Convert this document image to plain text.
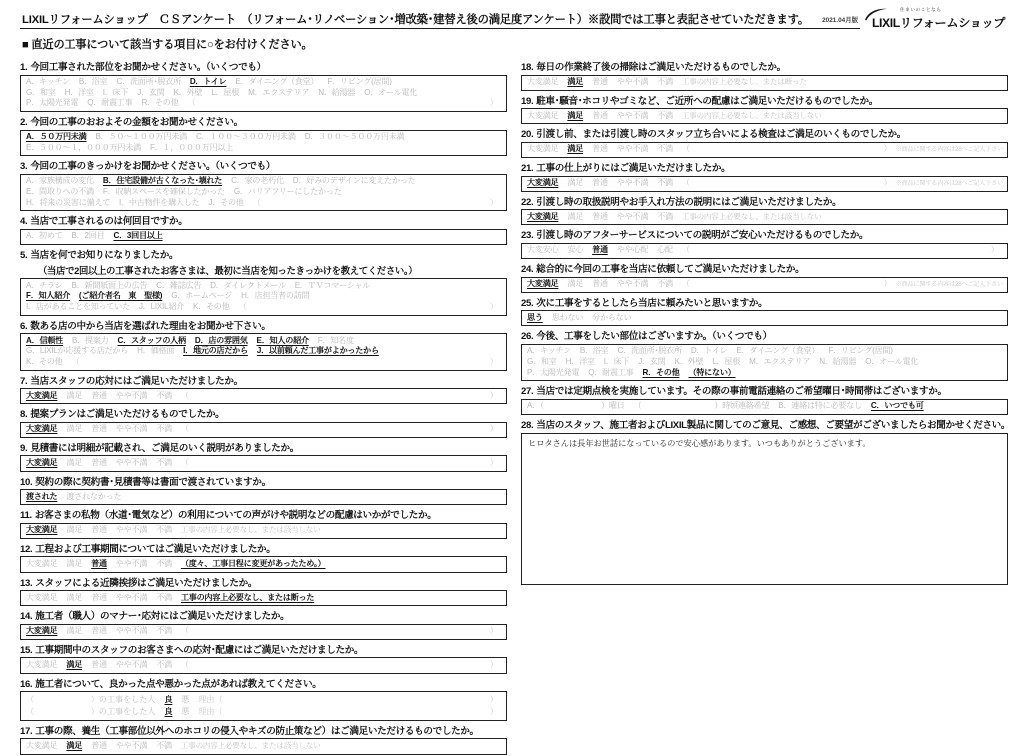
LIXILリフォームショップ　ＣＳアンケート　（リフォーム･リノベーション･増改築･建替え後の満足度アンケート）※設問では工事と表記させていただきます。 2021.04月版
住まいのことなら
LIXILリフォームショップ
■ 直近の工事について該当する項目に○をお付けください。
1. 今回工事された部位をお聞かせください。（いくつでも）
A．キッチン B．浴室 C．洗面所･脱衣所 D．トイレ E．ダイニング（食堂） F．リビング(居間)
G．和室 H．洋室 I．床下 J．玄関 K．外壁 L．屋根 M．エクステリア N．給湯器 O．オール電化
P．太陽光発電 Q．耐震工事 R．その他 （	）
2. 今回の工事のおおよその金額をお聞かせください。
A．５０万円未満 B．５０～１００万円未満 C．１００～３００万円未満 D．３００～５００万円未満
E．５００～１，０００万円未満 F．１，０００万円以上
3. 今回の工事のきっかけをお聞かせください。（いくつでも）
A．家族構成の変化 B．住宅設備が古くなった･壊れた C．家の老朽化 D．好みのデザインに変えたかった
E．間取りへの不満 F．収納スペースを確保したかった G．バリアフリーにしたかった
H．将来の災害に備えて I．中古物件を購入した J．その他 （	）
4. 当店で工事されるのは何回目ですか。
A．初めて B．2回目 C．3回目以上
5. 当店を何でお知りになりましたか。
（当店で2回以上の工事されたお客さまは、最初に当店を知ったきっかけを教えてください。）
A．チラシ B．新聞紙面上の広告 C．雑誌広告 D．ダイレクトメール E．ＴＶコマーシャル
F．知人紹介 (ご紹介者名　東　聖様) G．ホームページ H．店担当者の訪問
I．店があることを知っていた J．LIXIL紹介 K．その他 （	）
6. 数ある店の中から当店を選ばれた理由をお聞かせ下さい。
A．信頼性 B．提案力 C．スタッフの人柄 D．店の雰囲気 E．知人の紹介 F．知名度
G．LIXILが応援する店だから H．価格面 I．地元の店だから J．以前頼んだ工事がよかったから
K．その他 （	）
7. 当店スタッフの応対にはご満足いただけましたか。
大変満足 満足 普通 やや不満 不満 （	）
8. 提案プランはご満足いただけるものでしたか。
大変満足 満足 普通 やや不満 不満 （	）
9. 見積書には明細が記載され、ご満足のいく説明がありましたか。
大変満足 満足 普通 やや不満 不満 （	）
10. 契約の際に契約書･見積書等は書面で渡されていますか。
渡された 渡されなかった
11. お客さまの私物（水道･電気など）の利用についての声がけや説明などの配慮はいかがでしたか。
大変満足 満足 普通 やや不満 不満 工事の内容上必要なし、または該当しない
12. 工程および工事期間についてはご満足いただけましたか。
大変満足 満足 普通 やや不満 不満 （度々、工事日程に変更があったため。）
13. スタッフによる近隣挨拶はご満足いただけましたか。
大変満足 満足 普通 やや不満 不満 工事の内容上必要なし、または断った
14. 施工者（職人）のマナー･応対にはご満足いただけましたか。
大変満足 満足 普通 やや不満 不満 （	）
15. 工事期間中のスタッフのお客さまへの応対･配慮にはご満足いただけましたか。
大変満足 満足 普通 やや不満 不満 （	）
16. 施工者について、良かった点や悪かった点があれば教えてください。
（　　　　　　　） の工事をした人 良 悪 理由（	）
（　　　　　　　） の工事をした人 良 悪 理由（	）
17. 工事の際、養生（工事部位以外へのホコリの侵入やキズの防止策など）はご満足いただけるものでしたか。
大変満足 満足 普通 やや不満 不満 工事の内容上必要なし、または該当しない
18. 毎日の作業終了後の掃除はご満足いただけるものでしたか。
大変満足 満足 普通 やや不満 不満 工事の内容上必要なし、または断った
19. 駐車･騒音･ホコリやゴミなど、ご近所への配慮はご満足いただけるものでしたか。
大変満足 満足 普通 やや不満 不満 工事の内容上必要なし、または該当しない
20. 引渡し前、または引渡し時のスタッフ立ち合いによる検査はご満足のいくものでしたか。
大変満足 満足 普通 やや不満 不満 （	） ※商品に関する内容は28へご記入下さい
21. 工事の仕上がりにはご満足いただけましたか。
大変満足 満足 普通 やや不満 不満 （	） ※商品に関する内容は28へご記入下さい
22. 引渡し時の取扱説明やお手入れ方法の説明にはご満足いただけましたか。
大変満足 満足 普通 やや不満 不満 工事の内容上必要なし、または該当しない
23. 引渡し時のアフターサービスについての説明がご安心いただけるものでしたか。
大変安心 安心 普通 やや心配 心配 （	）
24. 総合的に今回の工事を当店に依頼してご満足いただけましたか。
大変満足 満足 普通 やや不満 不満 （	） ※商品に関する内容は28へご記入下さい
25. 次に工事をするとしたら当店に頼みたいと思いますか。
思う 思わない 分からない
26. 今後、工事をしたい部位はございますか。（いくつでも）
A．キッチン B．浴室 C．洗面所･脱衣所 D．トイレ E．ダイニング（食堂） F．リビング(居間)
G．和室 H．洋室 I．床下 J．玄関 K．外壁 L．屋根 M．エクステリア N．給湯器 O．オール電化
P．太陽光発電 Q．耐震工事 R．その他 （特にない）
27. 当店では定期点検を実施しています。その際の事前電話連絡のご希望曜日･時間帯はございますか。
A．（
　　　　　	）曜日 （
　　　　　　　	）時頃連絡希望 B．連絡は特に必要なし C．いつでも可
28. 当店のスタッフ、施工者およびLIXIL製品に関してのご意見、ご感想、ご要望がございましたらお聞かせください。
ヒロタさんは長年お世話になっているので安心感があります。いつもありがとうございます。
